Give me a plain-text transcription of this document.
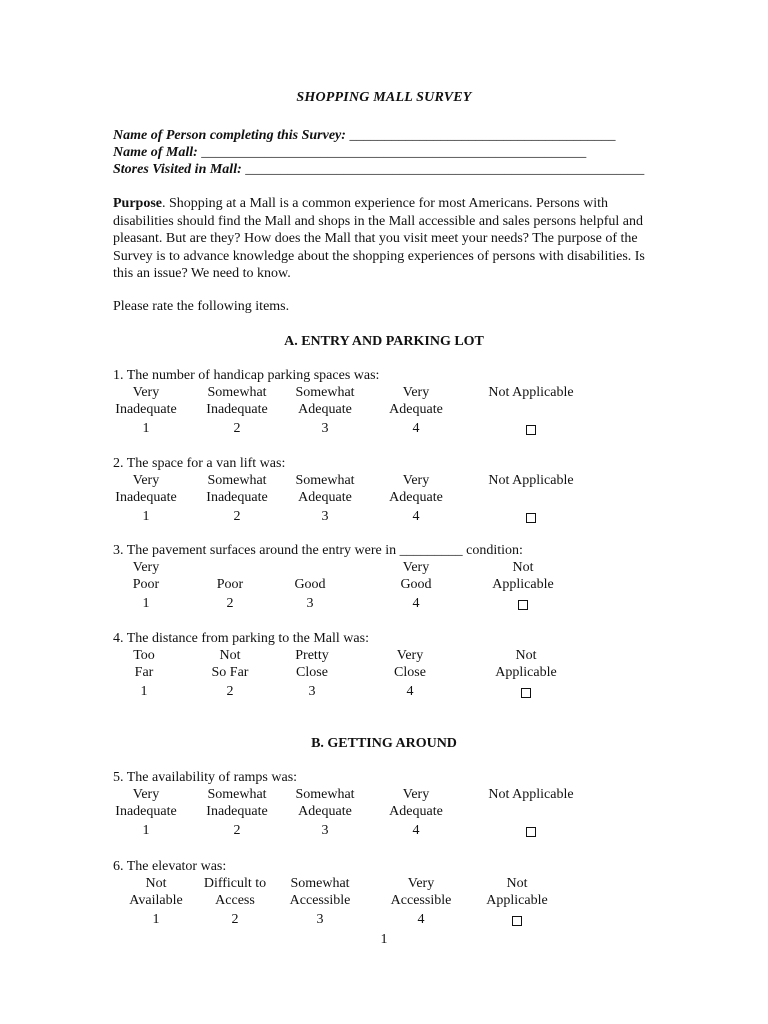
SHOPPING MALL SURVEY
Name of Person completing this Survey: ______________________________________
Name of Mall: _______________________________________________________
Stores Visited in Mall: _________________________________________________________
Purpose. Shopping at a Mall is a common experience for most Americans. Persons with disabilities should find the Mall and shops in the Mall accessible and sales persons helpful and pleasant. But are they? How does the Mall that you visit meet your needs? The purpose of the Survey is to advance knowledge about the shopping experiences of persons with disabilities. Is this an issue? We need to know.
Please rate the following items.
A. ENTRY AND PARKING LOT
B. GETTING AROUND
1. The number of handicap parking spaces was:
Very
Inadequate
1
Somewhat
Inadequate
2
Somewhat
Adequate
3
Very
Adequate
4
Not Applicable
2. The space for a van lift was:
Very
Inadequate
1
Somewhat
Inadequate
2
Somewhat
Adequate
3
Very
Adequate
4
Not Applicable
3. The pavement surfaces around the entry were in _________ condition:
Very
Poor
1
Poor
2
Good
3
Very
Good
4
Not
Applicable
4. The distance from parking to the Mall was:
Too
Far
1
Not
So Far
2
Pretty
Close
3
Very
Close
4
Not
Applicable
5. The availability of ramps was:
Very
Inadequate
1
Somewhat
Inadequate
2
Somewhat
Adequate
3
Very
Adequate
4
Not Applicable
6. The elevator was:
Not
Available
1
Difficult to
Access
2
Somewhat
Accessible
3
Very
Accessible
4
Not
Applicable
1
